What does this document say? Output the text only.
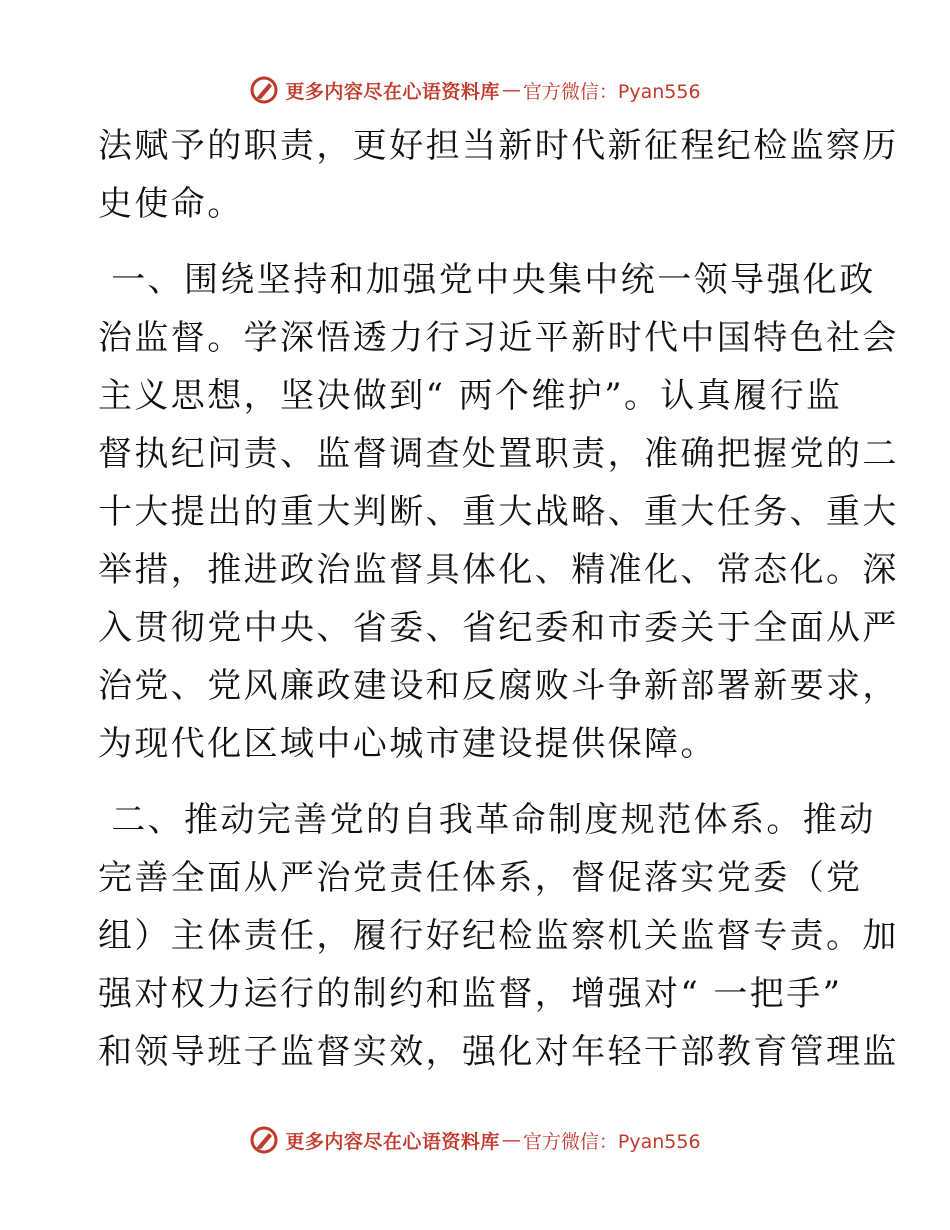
更多内容尽在心语资料库 — 官方微信：Pyan556

法赋予的职责，更好担当新时代新征程纪检监察历
史使命。

一、围绕坚持和加强党中央集中统一领导强化政
治监督。学深悟透力行习近平新时代中国特色社会
主义思想，坚决做到“ 两个维护”。认真履行监
督执纪问责、监督调查处置职责，准确把握党的二
十大提出的重大判断、重大战略、重大任务、重大
举措，推进政治监督具体化、精准化、常态化。深
入贯彻党中央、省委、省纪委和市委关于全面从严
治党、党风廉政建设和反腐败斗争新部署新要求，
为现代化区域中心城市建设提供保障。

二、推动完善党的自我革命制度规范体系。推动
完善全面从严治党责任体系，督促落实党委（党
组）主体责任，履行好纪检监察机关监督专责。加
强对权力运行的制约和监督，增强对“ 一把手”
和领导班子监督实效，强化对年轻干部教育管理监

更多内容尽在心语资料库 — 官方微信：Pyan556
